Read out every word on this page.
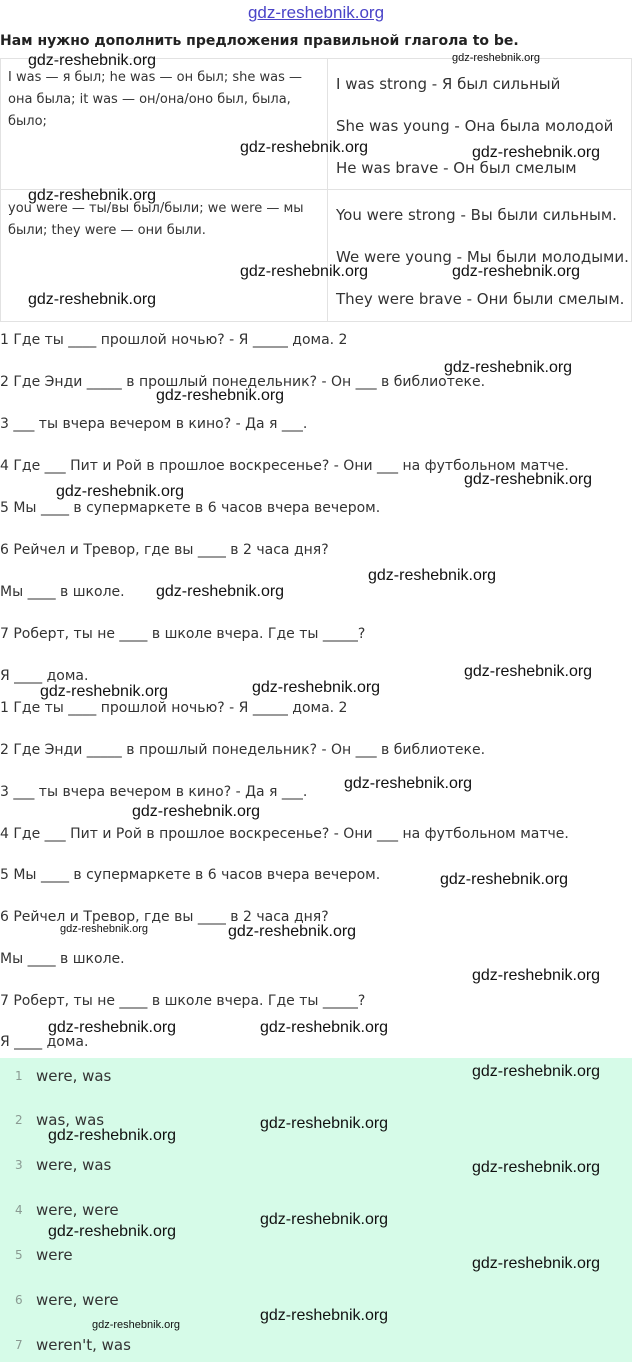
gdz-reshebnik.org
Нам нужно дополнить предложения правильной глагола to be.
I was — я был; he was — он был; she was — она была; it was — он/она/оно был, была, было;	I was strong - Я был сильный
She was young - Она была молодой
He was brave - Он был смелым

you were — ты/вы был/были; we were — мы были; they were — они были.	You were strong - Вы были сильным.
We were young - Мы были молодыми.
They were brave - Они были смелым.
1 Где ты ____ прошлой ночью? - Я _____ дома. 2
2 Где Энди _____ в прошлый понедельник? - Он ___ в библиотеке.
3 ___ ты вчера вечером в кино? - Да я ___.
4 Где ___ Пит и Рой в прошлое воскресенье? - Они ___ на футбольном матче.
5 Мы ____ в супермаркете в 6 часов вчера вечером.
6 Рейчел и Тревор, где вы ____ в 2 часа дня?
Мы ____ в школе.
7 Роберт, ты не ____ в школе вчера. Где ты _____?
Я ____ дома.
1 Где ты ____ прошлой ночью? - Я _____ дома. 2
2 Где Энди _____ в прошлый понедельник? - Он ___ в библиотеке.
3 ___ ты вчера вечером в кино? - Да я ___.
4 Где ___ Пит и Рой в прошлое воскресенье? - Они ___ на футбольном матче.
5 Мы ____ в супермаркете в 6 часов вчера вечером.
6 Рейчел и Тревор, где вы ____ в 2 часа дня?
Мы ____ в школе.
7 Роберт, ты не ____ в школе вчера. Где ты _____?
Я ____ дома.
1 were, was
2 was, was
3 were, was
4 were, were
5 were
6 were, were
7 weren't, was
gdz-reshebnik.org	gdz-reshebnik.org
gdz-reshebnik.org	gdz-reshebnik.org
gdz-reshebnik.org
gdz-reshebnik.org	gdz-reshebnik.org
gdz-reshebnik.org
gdz-reshebnik.org
gdz-reshebnik.org
gdz-reshebnik.org
gdz-reshebnik.org
gdz-reshebnik.org
gdz-reshebnik.org
gdz-reshebnik.org
gdz-reshebnik.org
gdz-reshebnik.org
gdz-reshebnik.org
gdz-reshebnik.org
gdz-reshebnik.org
gdz-reshebnik.org	gdz-reshebnik.org
gdz-reshebnik.org
gdz-reshebnik.org	gdz-reshebnik.org
gdz-reshebnik.org
gdz-reshebnik.org
gdz-reshebnik.org
gdz-reshebnik.org
gdz-reshebnik.org
gdz-reshebnik.org
gdz-reshebnik.org
gdz-reshebnik.org
gdz-reshebnik.org
